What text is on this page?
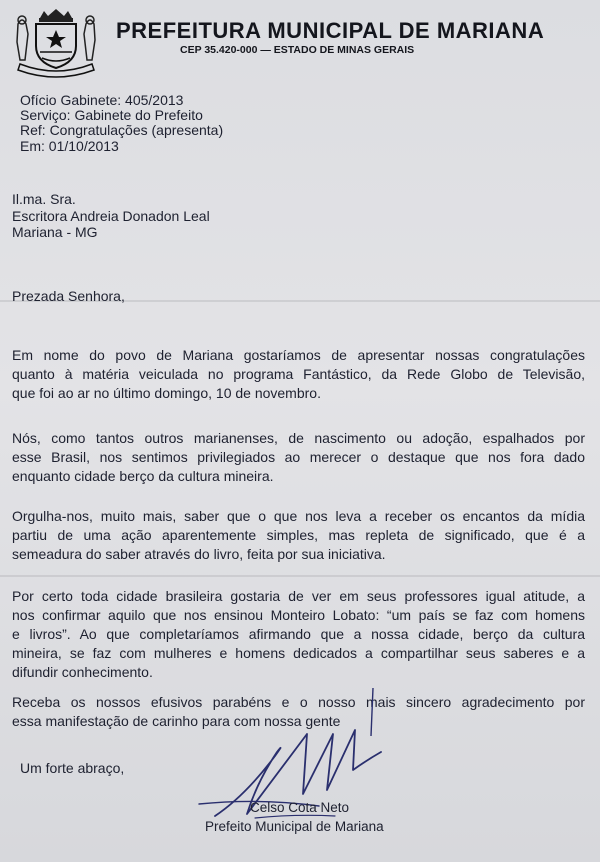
PREFEITURA MUNICIPAL DE MARIANA
CEP 35.420-000 — ESTADO DE MINAS GERAIS
Ofício Gabinete: 405/2013
Serviço: Gabinete do Prefeito
Ref: Congratulações (apresenta)
Em: 01/10/2013
Il.ma. Sra.
Escritora Andreia Donadon Leal
Mariana - MG
Prezada Senhora,
Em nome do povo de Mariana gostaríamos de apresentar nossas congratulações
quanto à matéria veiculada no programa Fantástico, da Rede Globo de Televisão,
que foi ao ar no último domingo, 10 de novembro.
Nós, como tantos outros marianenses, de nascimento ou adoção, espalhados por
esse Brasil, nos sentimos privilegiados ao merecer o destaque que nos fora dado
enquanto cidade berço da cultura mineira.
Orgulha-nos, muito mais, saber que o que nos leva a receber os encantos da mídia
partiu de uma ação aparentemente simples, mas repleta de significado, que é a
semeadura do saber através do livro, feita por sua iniciativa.
Por certo toda cidade brasileira gostaria de ver em seus professores igual atitude, a
nos confirmar aquilo que nos ensinou Monteiro Lobato: “um país se faz com homens
e livros”. Ao que completaríamos afirmando que a nossa cidade, berço da cultura
mineira, se faz com mulheres e homens dedicados a compartilhar seus saberes e a
difundir conhecimento.
Receba os nossos efusivos parabéns e o nosso mais sincero agradecimento por
essa manifestação de carinho para com nossa gente
Um forte abraço,
Celso Cota Neto
Prefeito Municipal de Mariana
